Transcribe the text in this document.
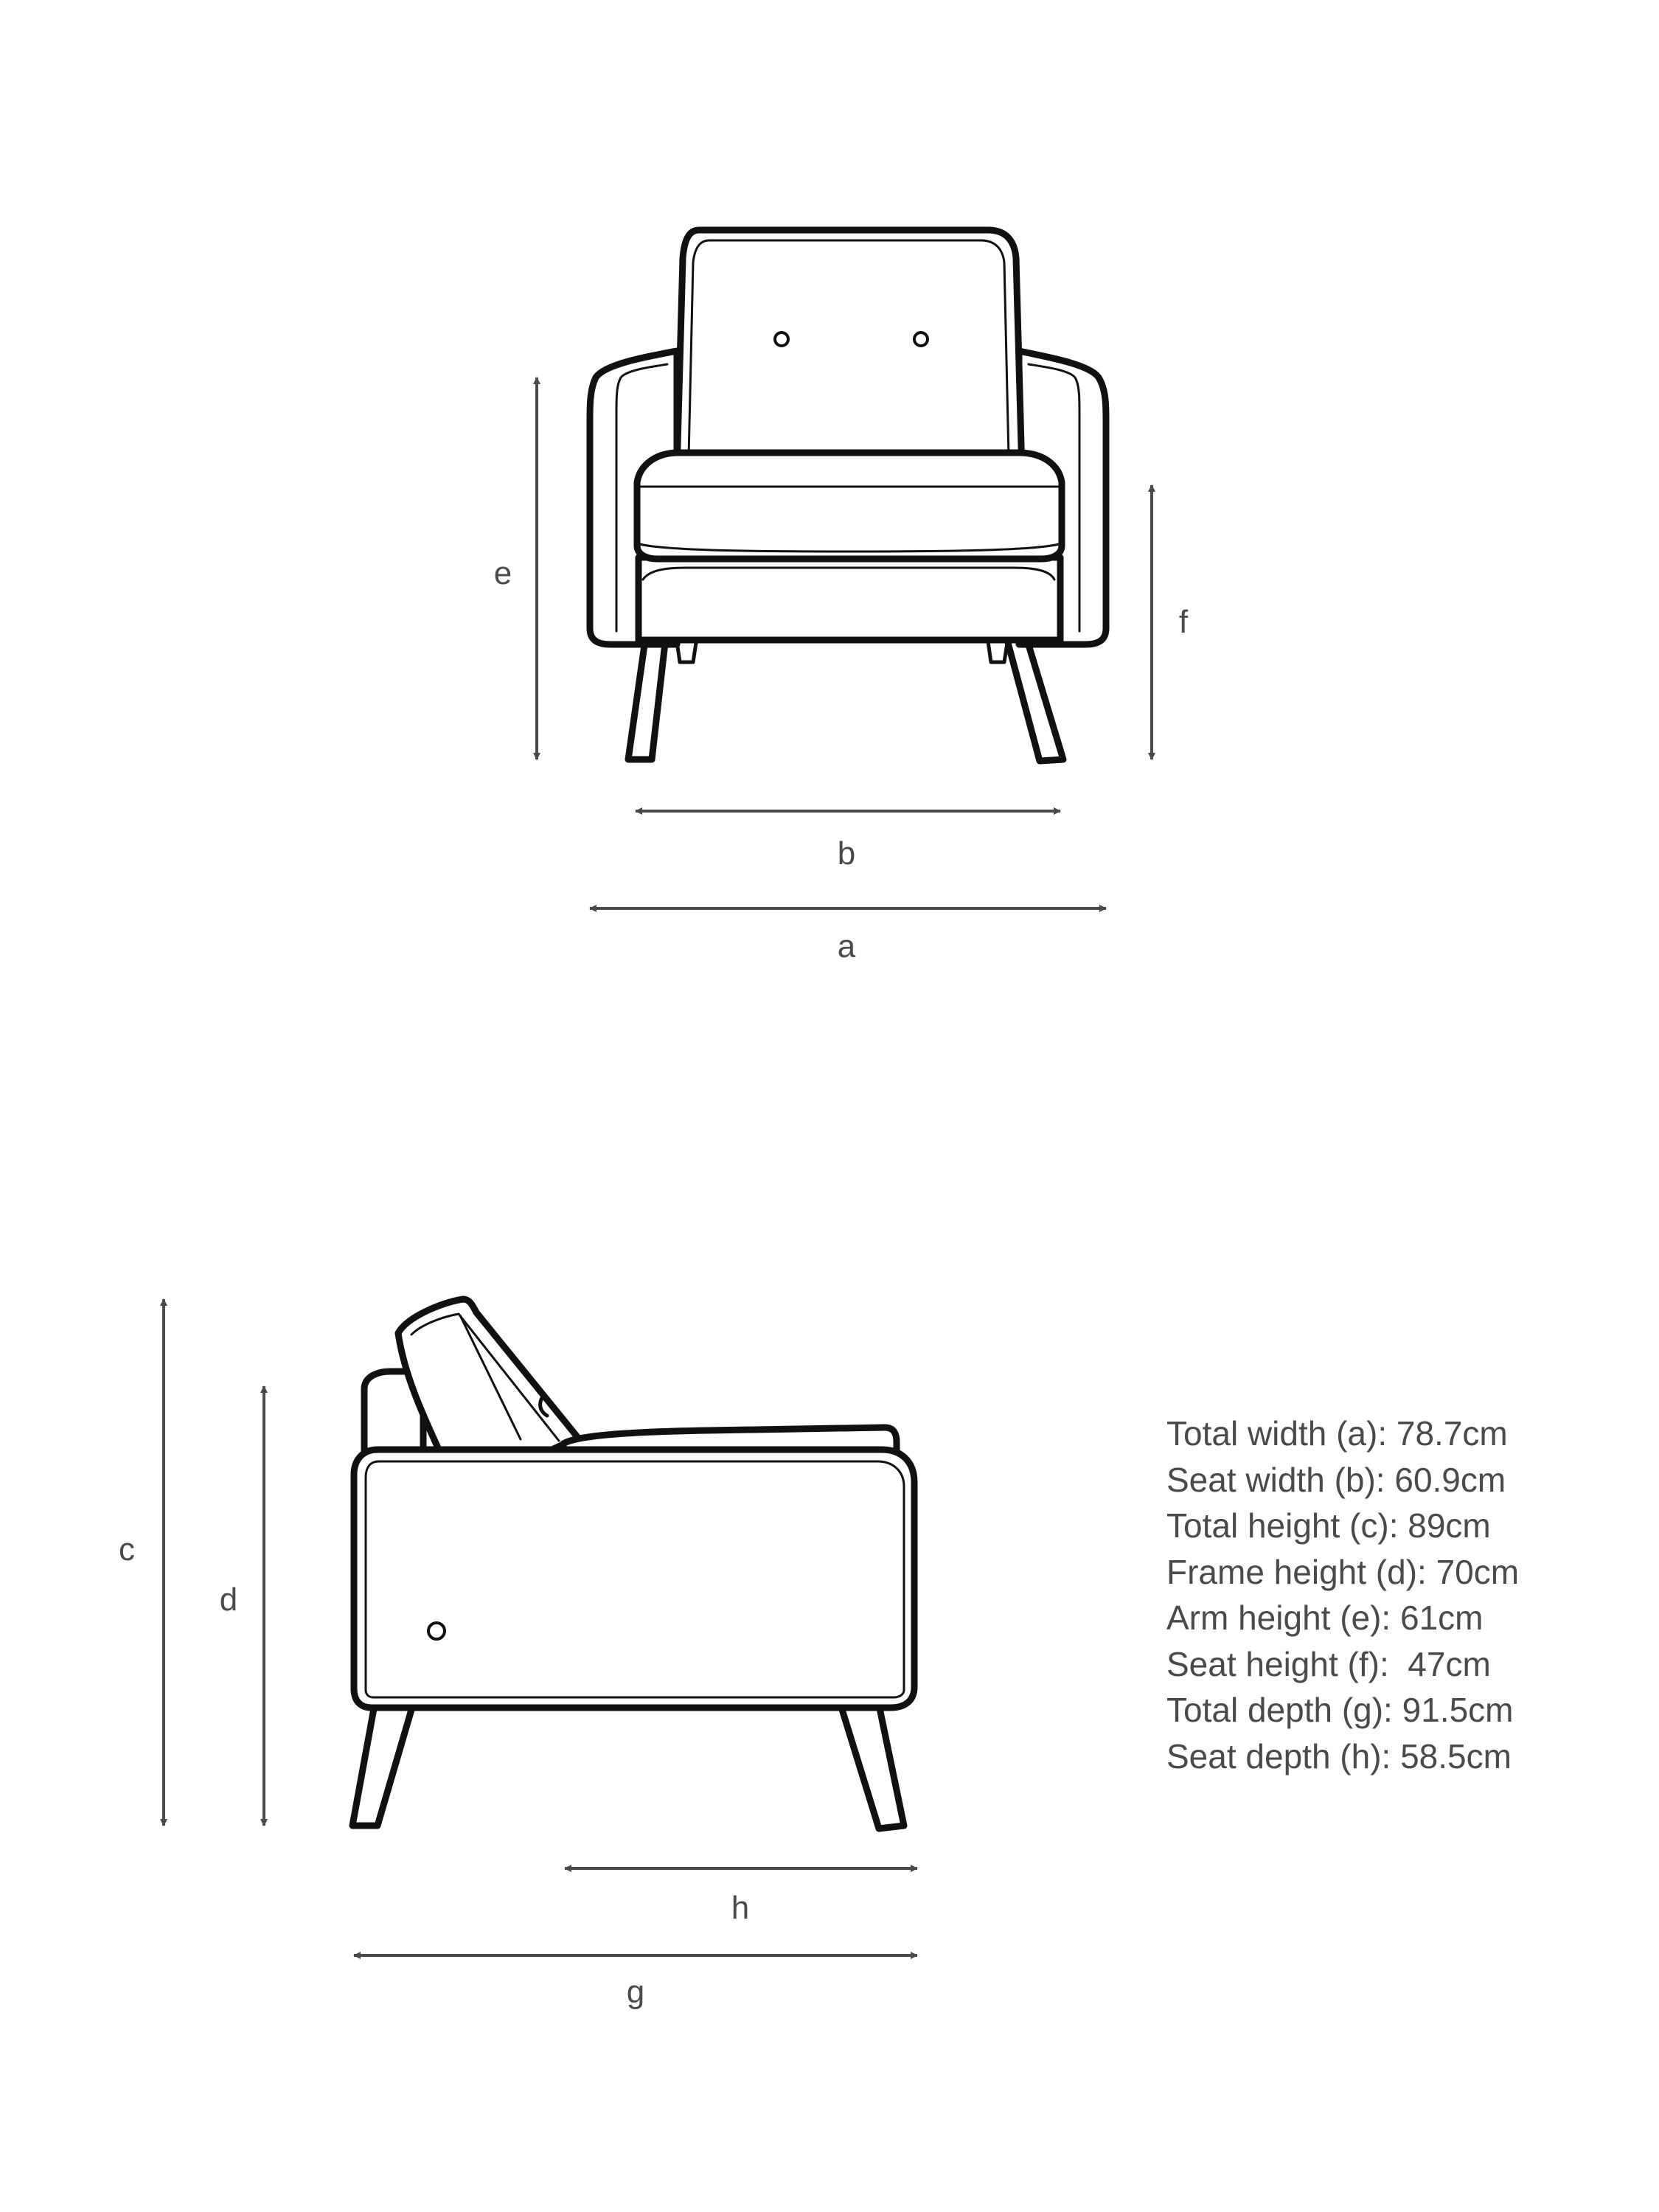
e
f
b
a
c
d
h
g
Total width (a): 78.7cm
Seat width (b): 60.9cm
Total height (c): 89cm
Frame height (d): 70cm
Arm height (e): 61cm
Seat height (f):  47cm
Total depth (g): 91.5cm
Seat depth (h): 58.5cm
